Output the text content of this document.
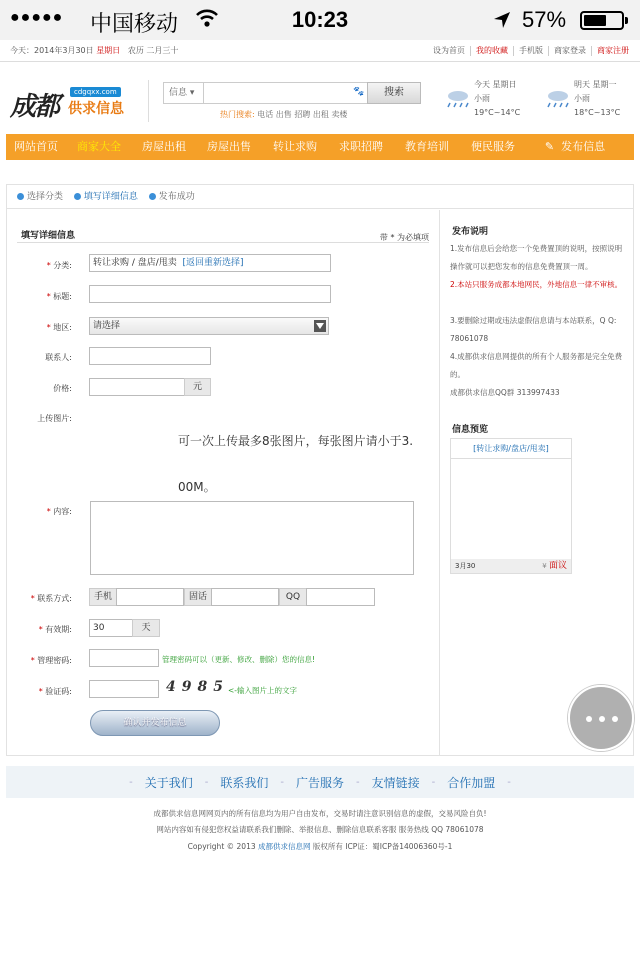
●●●●● 中国移动	10:23	57%
今天：2014年3月30日 星期日 农历 二月三十	设为首页	我的收藏	手机版	商家登录	商家注册
成都	cdgqxx.com
供求信息
信息 ▾	🐾	搜索
热门搜索: 电话 出售 招聘 出租 卖楼
今天 星期日
小雨
19°C~14°C
明天 星期一
小雨
18°C~13°C
网站首页	商家大全	房屋出租	房屋出售	转让求购	求职招聘	教育培训	便民服务	✎ 发布信息
选择分类 填写详细信息 发布成功
填写详细信息	带 * 为必填项
发布说明
1.发布信息后会给您一个免费置顶的说明，按照说明操作就可以把您发布的信息免费置顶一周。
2.本站只服务成都本地网民，外地信息一律不审核。
3.要删除过期或违法虚假信息请与本站联系，Q Q: 78061078
4.成都供求信息网提供的所有个人服务都是完全免费的。
成都供求信息QQ群 313997433
信息预览
[转让求购/盘店/甩卖]
3月30	¥ 面议
* 分类:	转让求购 / 盘店/甩卖 [返回重新选择]
* 标题:
* 地区:	请选择
联系人:
价格:	元
上传图片:
可一次上传最多8张图片，每张图片请小于3.
00M。
* 内容:
* 联系方式:	手机	固话	QQ
* 有效期:	30	天
* 管理密码:	管理密码可以（更新、修改、删除）您的信息!
* 验证码:	4985 <-输入图片上的文字
确认并发布信息
- 关于我们 - 联系我们 - 广告服务 - 友情链接 - 合作加盟 -
成都供求信息网网页内的所有信息均为用户自由发布，交易时请注意识别信息的虚假，交易风险自负!
网站内容如有侵犯您权益请联系我们删除、举报信息、删除信息联系客服 服务热线 QQ 78061078
Copyright © 2013 成都供求信息网 版权所有 ICP证：蜀ICP备14006360号-1
